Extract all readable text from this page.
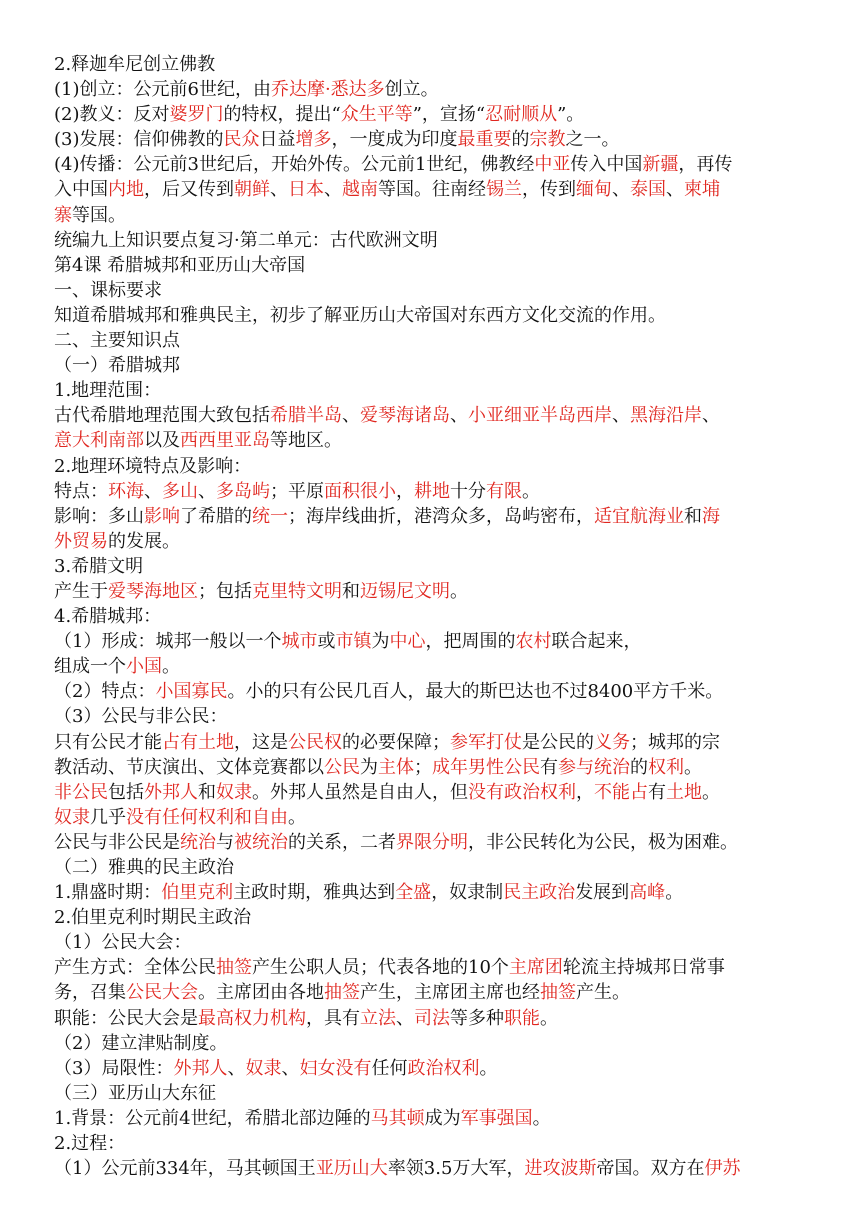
2.释迦牟尼创立佛教
(1)创立：公元前6世纪，由乔达摩·悉达多创立。
(2)教义：反对婆罗门的特权，提出“众生平等”，宣扬“忍耐顺从”。
(3)发展：信仰佛教的民众日益增多，一度成为印度最重要的宗教之一。
(4)传播：公元前3世纪后，开始外传。公元前1世纪，佛教经中亚传入中国新疆，再传
入中国内地，后又传到朝鲜、日本、越南等国。往南经锡兰，传到缅甸、泰国、柬埔
寨等国。
统编九上知识要点复习·第二单元：古代欧洲文明
第4课 希腊城邦和亚历山大帝国
一、课标要求
知道希腊城邦和雅典民主，初步了解亚历山大帝国对东西方文化交流的作用。
二、主要知识点
（一）希腊城邦
1.地理范围：
古代希腊地理范围大致包括希腊半岛、爱琴海诸岛、小亚细亚半岛西岸、黑海沿岸、
意大利南部以及西西里亚岛等地区。
2.地理环境特点及影响：
特点：环海、多山、多岛屿；平原面积很小，耕地十分有限。
影响：多山影响了希腊的统一；海岸线曲折，港湾众多，岛屿密布，适宜航海业和海
外贸易的发展。
3.希腊文明
产生于爱琴海地区；包括克里特文明和迈锡尼文明。
4.希腊城邦：
（1）形成：城邦一般以一个城市或市镇为中心，把周围的农村联合起来，
组成一个小国。
（2）特点：小国寡民。小的只有公民几百人，最大的斯巴达也不过8400平方千米。
（3）公民与非公民：
只有公民才能占有土地，这是公民权的必要保障；参军打仗是公民的义务；城邦的宗
教活动、节庆演出、文体竞赛都以公民为主体；成年男性公民有参与统治的权利。
非公民包括外邦人和奴隶。外邦人虽然是自由人，但没有政治权利，不能占有土地。
奴隶几乎没有任何权利和自由。
公民与非公民是统治与被统治的关系，二者界限分明，非公民转化为公民，极为困难。
（二）雅典的民主政治
1.鼎盛时期：伯里克利主政时期，雅典达到全盛，奴隶制民主政治发展到高峰。
2.伯里克利时期民主政治
（1）公民大会：
产生方式：全体公民抽签产生公职人员；代表各地的10个主席团轮流主持城邦日常事
务，召集公民大会。主席团由各地抽签产生，主席团主席也经抽签产生。
职能：公民大会是最高权力机构，具有立法、司法等多种职能。
（2）建立津贴制度。
（3）局限性：外邦人、奴隶、妇女没有任何政治权利。
（三）亚历山大东征
1.背景：公元前4世纪，希腊北部边陲的马其顿成为军事强国。
2.过程：
（1）公元前334年，马其顿国王亚历山大率领3.5万大军，进攻波斯帝国。双方在伊苏
